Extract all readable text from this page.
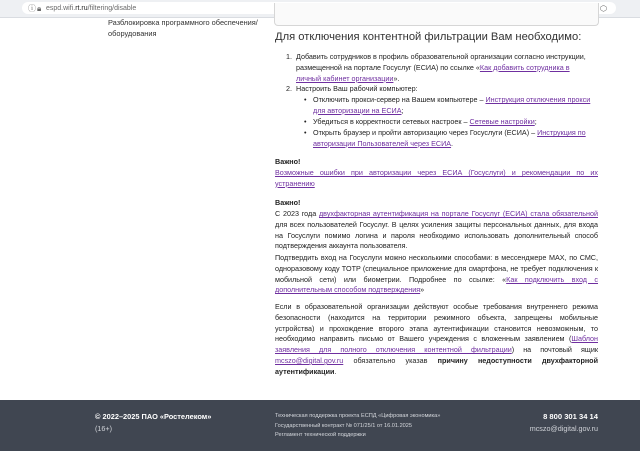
ⓘ 🔒︎ espd.wifi.rt.ru/filtering/disable	⬡
Разблокировка программного обеспечения/оборудования	Для отключения контентной фильтрации Вам необходимо:
1. Добавить сотрудников в профиль образовательной организации согласно инструкции, размещенной на портале Госуслуг (ЕСИА) по ссылке «Как добавить сотрудника в личный кабинет организации».
2. Настроить Ваш рабочий компьютер:
• Отключить прокси-сервер на Вашем компьютере – Инструкция отключения прокси для авторизации на ЕСИА;
• Убедиться в корректности сетевых настроек – Сетевые настройки;
• Открыть браузер и пройти авторизацию через Госуслуги (ЕСИА) – Инструкция по авторизации Пользователей через ЕСИА.
Важно!
Возможные ошибки при авторизации через ЕСИА (Госуслуги) и рекомендации по их устранению
Важно!
С 2023 года двухфакторная аутентификация на портале Госуслуг (ЕСИА) стала обязательной для всех пользователей Госуслуг. В целях усиления защиты персональных данных, для входа на Госуслуги помимо логина и пароля необходимо использовать дополнительный способ подтверждения аккаунта пользователя.
Подтвердить вход на Госуслуги можно несколькими способами: в мессенджере MAX, по СМС, одноразовому коду TOTP (специальное приложение для смартфона, не требует подключения к мобильной сети) или биометрии. Подробнее по ссылке: «Как подключить вход с дополнительным способом подтверждения»
Если в образовательной организации действуют особые требования внутреннего режима безопасности (находится на территории режимного объекта, запрещены мобильные устройства) и прохождение второго этапа аутентификации становится невозможным, то необходимо направить письмо от Вашего учреждения с вложенным заявлением (Шаблон заявления для полного отключения контентной фильтрации) на почтовый ящик mcszo@digital.gov.ru обязательно указав причину недоступности двухфакторной аутентификации.
© 2022–2025 ПАО «Ростелеком»
(16+)
Техническая поддержка проекта ЕСПД «Цифровая экономика»
Государственный контракт № 071/25/1 от 16.01.2025
Регламент технической поддержки
8 800 301 34 14
mcszo@digital.gov.ru
